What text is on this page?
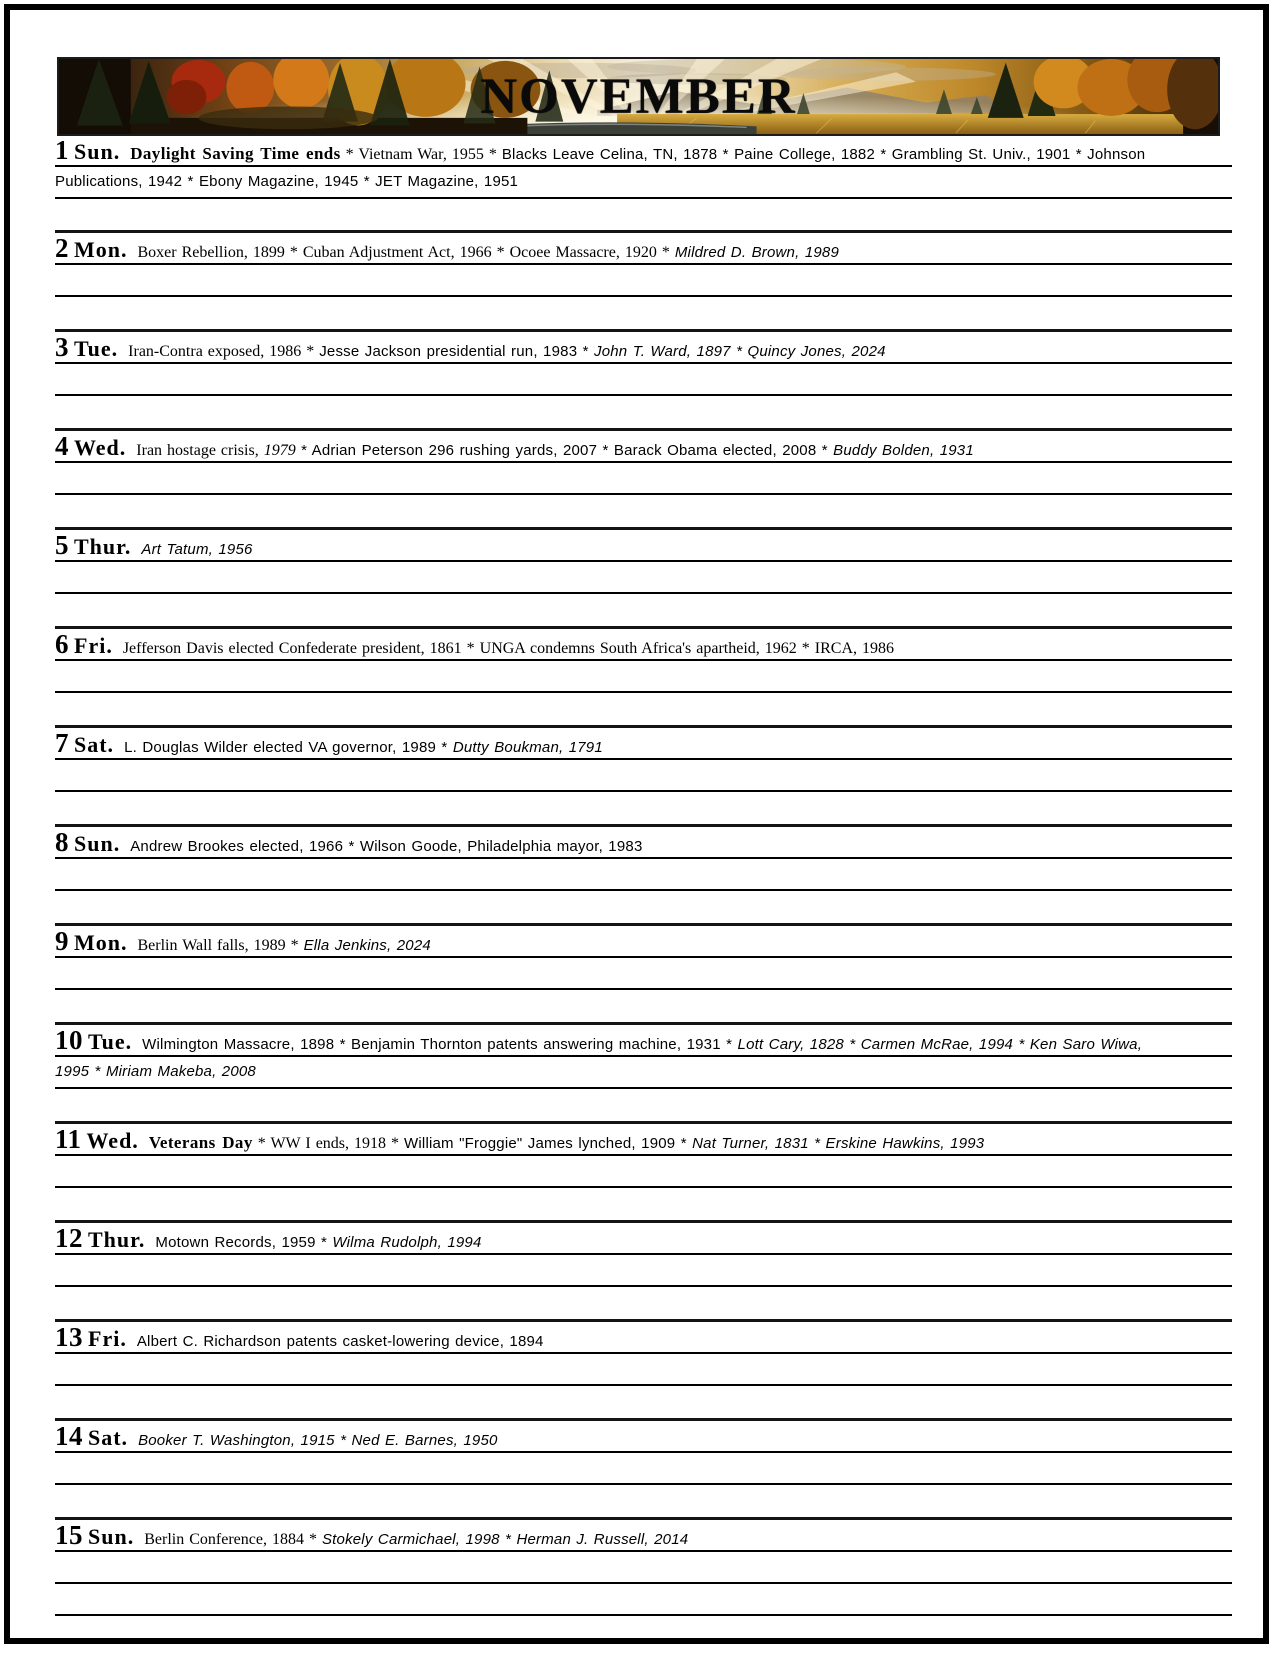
NOVEMBER
1 Sun. Daylight Saving Time ends * Vietnam War, 1955 * Blacks Leave Celina, TN, 1878 * Paine College, 1882 * Grambling St. Univ., 1901 * Johnson
Publications, 1942 * Ebony Magazine, 1945 * JET Magazine, 1951
2 Mon. Boxer Rebellion, 1899 * Cuban Adjustment Act, 1966 * Ocoee Massacre, 1920 * Mildred D. Brown, 1989
3 Tue. Iran-Contra exposed, 1986 * Jesse Jackson presidential run, 1983 * John T. Ward, 1897 * Quincy Jones, 2024
4 Wed. Iran hostage crisis, 1979 * Adrian Peterson 296 rushing yards, 2007 * Barack Obama elected, 2008 * Buddy Bolden, 1931
5 Thur. Art Tatum, 1956
6 Fri. Jefferson Davis elected Confederate president, 1861 * UNGA condemns South Africa's apartheid, 1962 * IRCA, 1986
7 Sat. L. Douglas Wilder elected VA governor, 1989 * Dutty Boukman, 1791
8 Sun. Andrew Brookes elected, 1966 * Wilson Goode, Philadelphia mayor, 1983
9 Mon. Berlin Wall falls, 1989 * Ella Jenkins, 2024
10 Tue. Wilmington Massacre, 1898 * Benjamin Thornton patents answering machine, 1931 * Lott Cary, 1828 * Carmen McRae, 1994 * Ken Saro Wiwa,
1995 * Miriam Makeba, 2008
11 Wed. Veterans Day * WW I ends, 1918 * William "Froggie" James lynched, 1909 * Nat Turner, 1831 * Erskine Hawkins, 1993
12 Thur. Motown Records, 1959 * Wilma Rudolph, 1994
13 Fri. Albert C. Richardson patents casket-lowering device, 1894
14 Sat. Booker T. Washington, 1915 * Ned E. Barnes, 1950
15 Sun. Berlin Conference, 1884 * Stokely Carmichael, 1998 * Herman J. Russell, 2014
